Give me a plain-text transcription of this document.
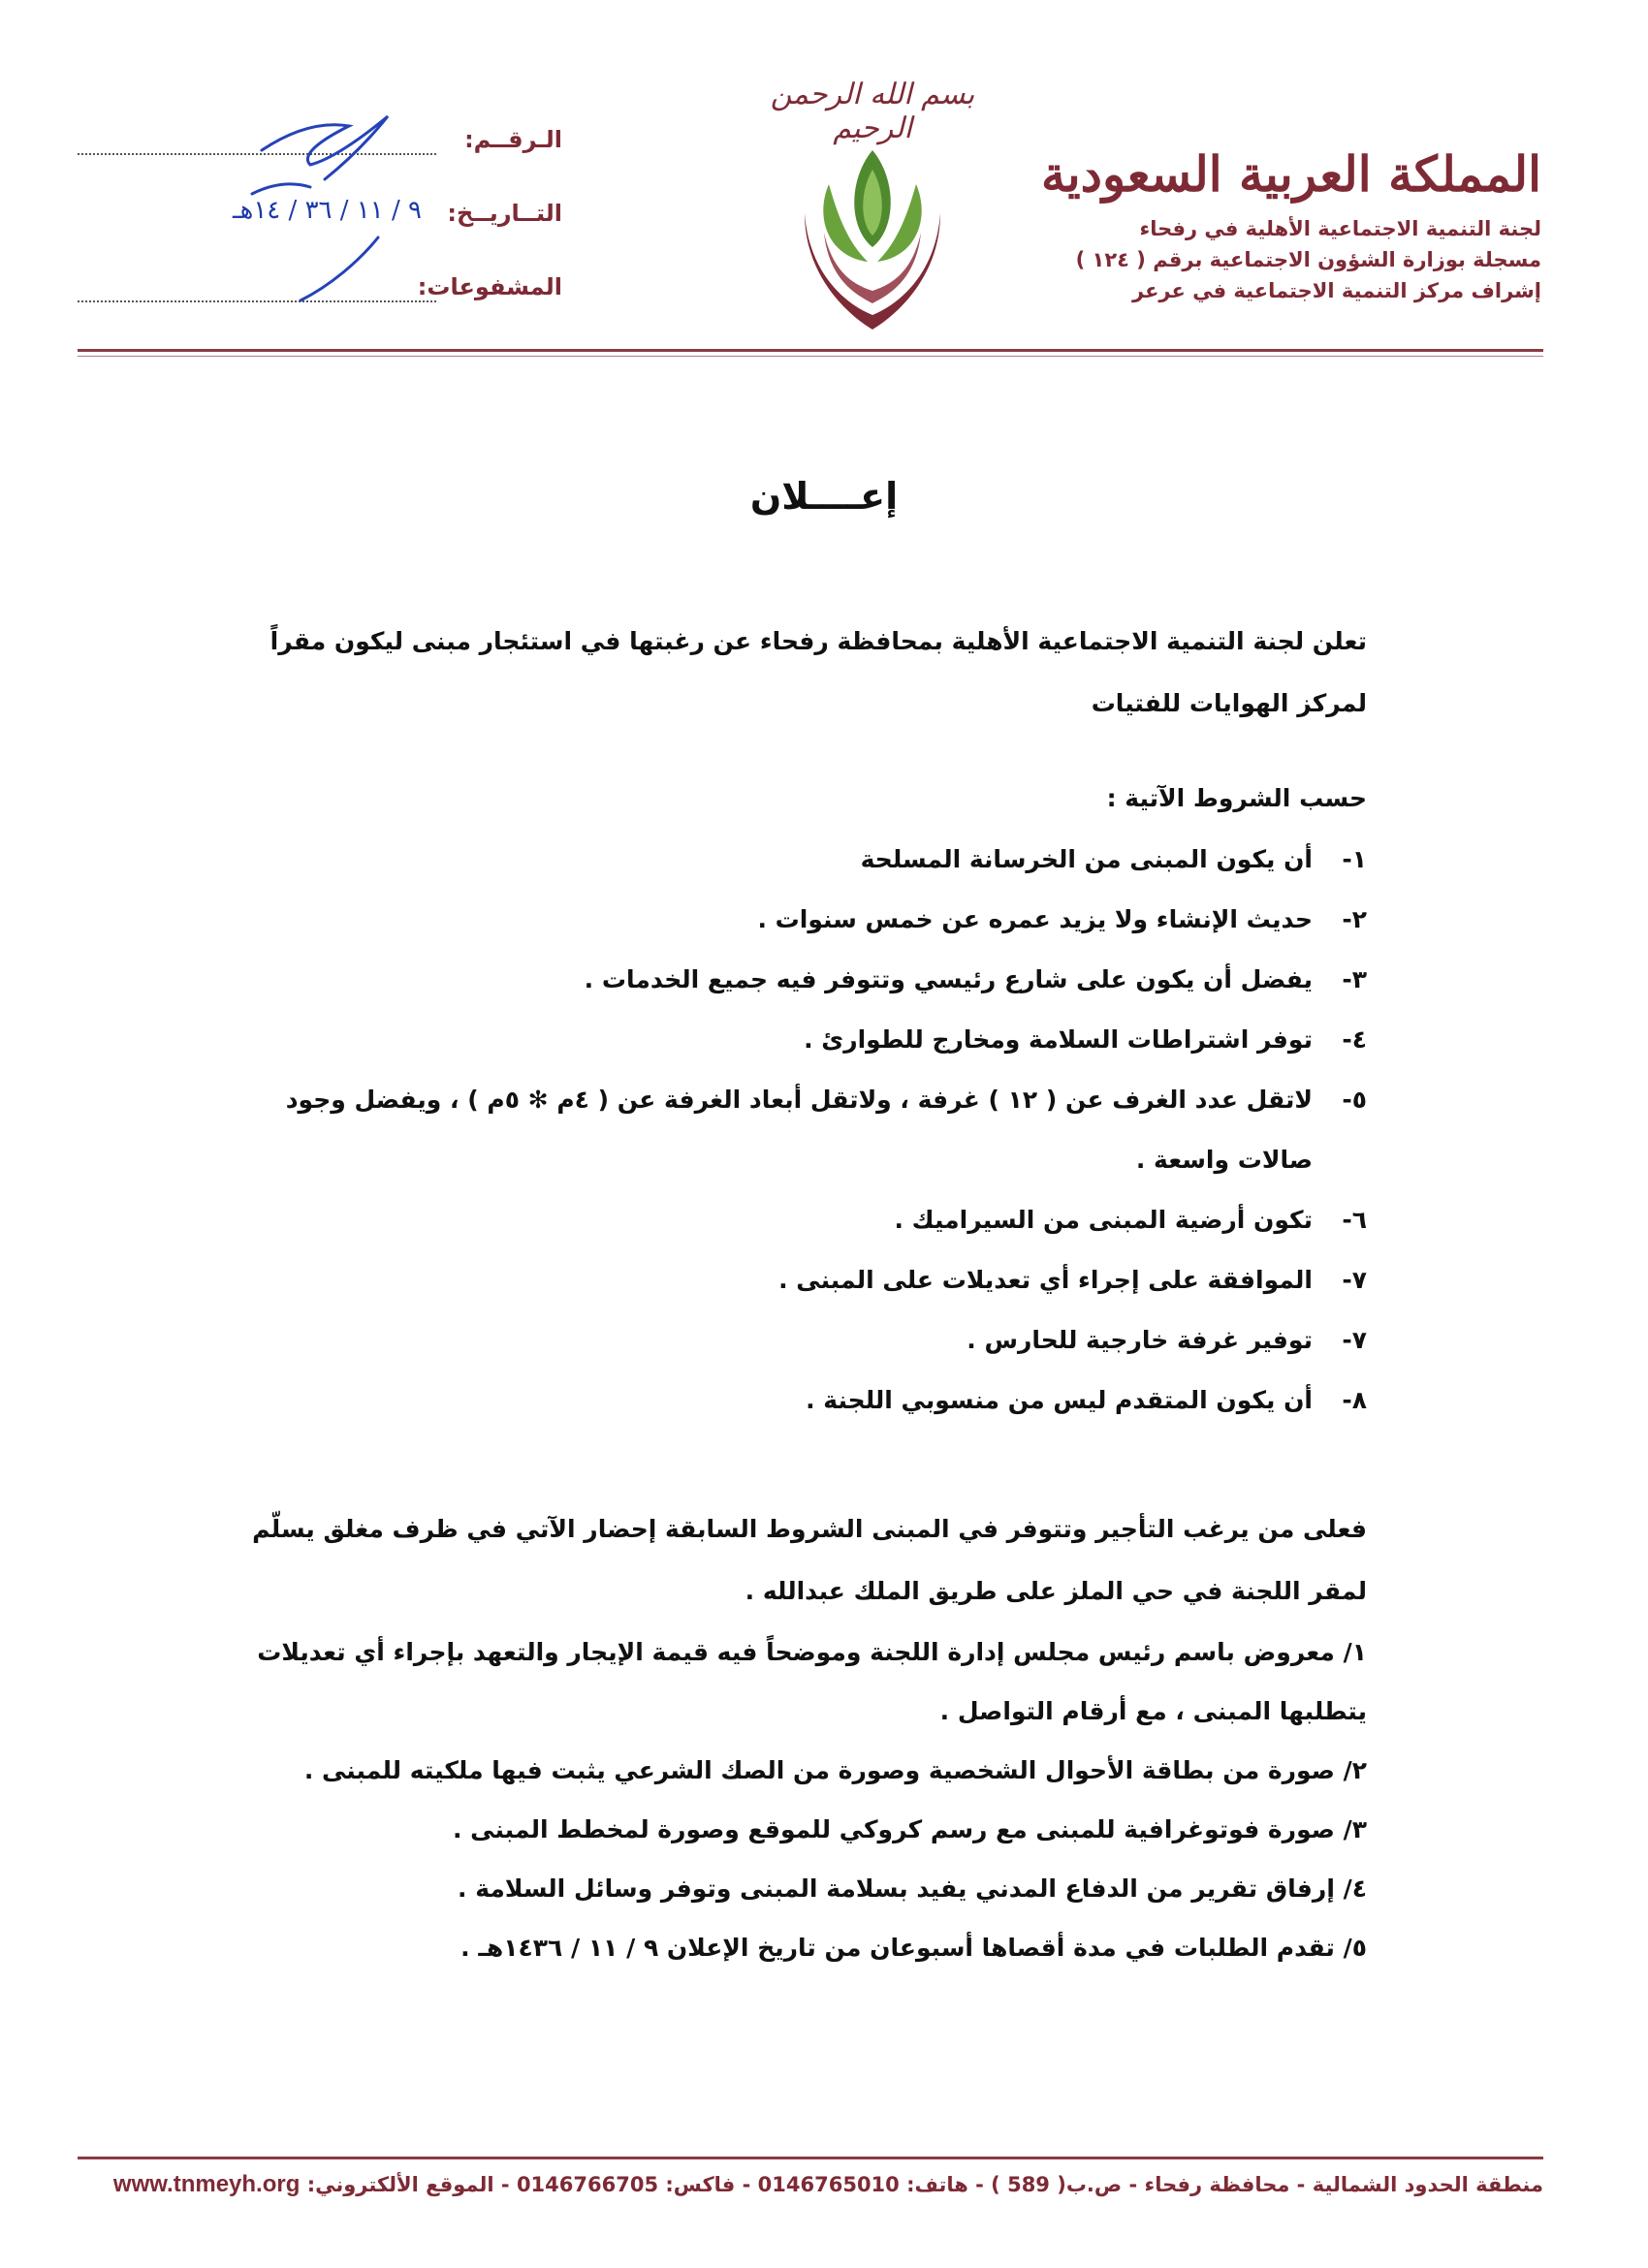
المملكة العربية السعودية
لجنة التنمية الاجتماعية الأهلية في رفحاء
مسجلة بوزارة الشؤون الاجتماعية برقم ( ١٢٤ )
إشراف مركز التنمية الاجتماعية في عرعر
بسم الله الرحمن الرحيم
الـرقــم:
التــاريــخ:
٩ / ١١ / ٣٦ / ١٤هـ
المشفوعات:
إعــــلان

تعلن لجنة التنمية الاجتماعية الأهلية بمحافظة رفحاء عن رغبتها في استئجار مبنى ليكون مقراً لمركز الهوايات للفتيات

حسب الشروط الآتية :

١-
أن يكون المبنى من الخرسانة المسلحة
٢-
حديث الإنشاء ولا يزيد عمره عن خمس سنوات .
٣-
يفضل أن يكون على شارع رئيسي وتتوفر فيه جميع الخدمات .
٤-
توفر اشتراطات السلامة ومخارج للطوارئ .
٥-
لاتقل عدد الغرف عن ( ١٢ ) غرفة ، ولاتقل أبعاد الغرفة عن ( ٤م ✻ ٥م ) ، ويفضل وجود صالات واسعة .
٦-
تكون أرضية المبنى من السيراميك .
٧-
الموافقة على إجراء أي تعديلات على المبنى .
٧-
توفير غرفة خارجية للحارس .
٨-
أن يكون المتقدم ليس من منسوبي اللجنة .

فعلى من يرغب التأجير وتتوفر في المبنى الشروط السابقة إحضار الآتي في ظرف مغلق يسلّم لمقر اللجنة في حي الملز على طريق الملك عبدالله .

١/ معروض باسم رئيس مجلس إدارة اللجنة وموضحاً فيه قيمة الإيجار والتعهد بإجراء أي تعديلات يتطلبها المبنى ، مع أرقام التواصل .

٢/ صورة من بطاقة الأحوال الشخصية وصورة من الصك الشرعي يثبت فيها ملكيته للمبنى .

٣/ صورة فوتوغرافية للمبنى مع رسم كروكي للموقع وصورة لمخطط المبنى .

٤/ إرفاق تقرير من الدفاع المدني يفيد بسلامة المبنى وتوفر وسائل السلامة .

٥/ تقدم الطلبات في مدة أقصاها أسبوعان من تاريخ الإعلان ٩ / ١١ / ١٤٣٦هـ .

منطقة الحدود الشمالية - محافظة رفحاء - ص.ب( 589 ) - هاتف: 0146765010 - فاكس: 0146766705 - الموقع الألكتروني: www.tnmeyh.org
